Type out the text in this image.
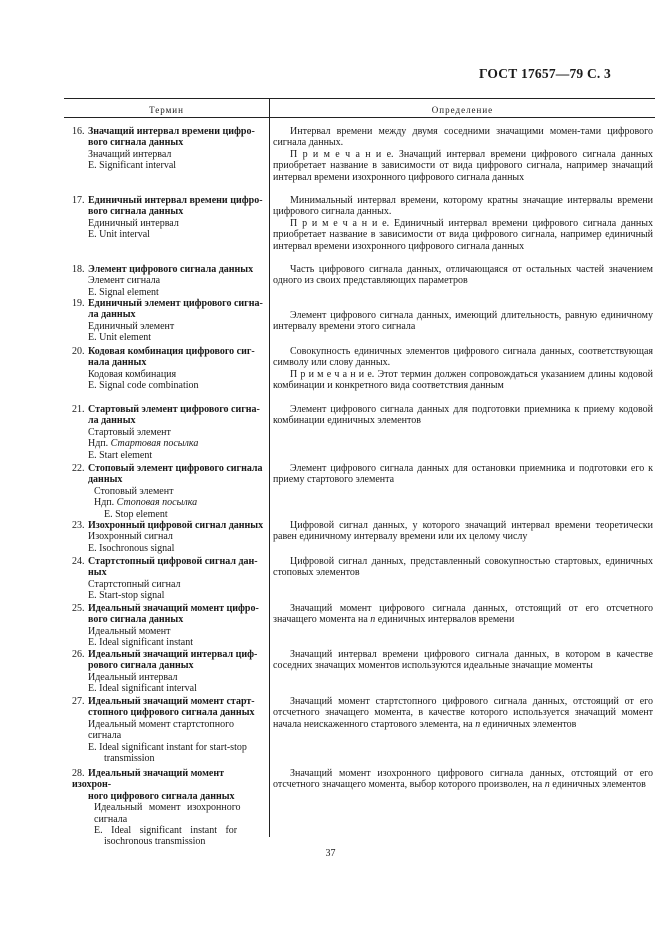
ГОСТ 17657—79 С. 3
Термин	Определение
16. Значащий интервал времени цифро-
вого сигнала данных
Значащий интервал
E. Significant interval

Интервал времени между двумя соседними значащими момен-тами цифрового сигнала данных.

П р и м е ч а н и е. Значащий интервал времени цифрового сигнала данных приобретает название в зависимости от вида цифрового сигнала, например значащий интервал времени изохронного цифрового сигнала данных

17. Единичный интервал времени цифро-
вого сигнала данных
Единичный интервал
E. Unit interval

Минимальный интервал времени, которому кратны значащие интервалы времени цифрового сигнала данных.

П р и м е ч а н и е. Единичный интервал времени цифрового сигнала данных приобретает название в зависимости от вида цифрового сигнала, например единичный интервал времени изохронного цифрового сигнала данных

18. Элемент цифрового сигнала данных
Элемент сигнала
E. Signal element

Часть цифрового сигнала данных, отличающаяся от остальных частей значением одного из своих представляющих параметров

19. Единичный элемент цифрового сигна-
ла данных
Единичный элемент
E. Unit element

Элемент цифрового сигнала данных, имеющий длительность, равную единичному интервалу времени этого сигнала

20. Кодовая комбинация цифрового сиг-
нала данных
Кодовая комбинация
E. Signal code combination

Совокупность единичных элементов цифрового сигнала данных, соответствующая символу или слову данных.

П р и м е ч а н и е. Этот термин должен сопровождаться указанием длины кодовой комбинации и конкретного вида соответствия данным

21. Стартовый элемент цифрового сигна-
ла данных
Стартовый элемент
Ндп. Стартовая посылка
E. Start element

Элемент цифрового сигнала данных для подготовки приемника к приему кодовой комбинации единичных элементов

22. Стоповый элемент цифрового сигнала
данных
Стоповый элемент
Ндп. Стоповая посылка
E. Stop element

Элемент цифрового сигнала данных для остановки приемника и подготовки его к приему стартового элемента

23. Изохронный цифровой сигнал данных
Изохронный сигнал
E. Isochronous signal

Цифровой сигнал данных, у которого значащий интервал времени теоретически равен единичному интервалу времени или их целому числу

24. Стартстопный цифровой сигнал дан-
ных
Стартстопный сигнал
E. Start-stop signal

Цифровой сигнал данных, представленный совокупностью стартовых, единичных стоповых элементов

25. Идеальный значащий момент цифро-
вого сигнала данных
Идеальный момент
E. Ideal significant instant

Значащий момент цифрового сигнала данных, отстоящий от его отсчетного значащего момента на n единичных интервалов времени

26. Идеальный значащий интервал циф-
рового сигнала данных
Идеальный интервал
E. Ideal significant interval

Значащий интервал времени цифрового сигнала данных, в котором в качестве соседних значащих моментов используются идеальные значащие моменты

27. Идеальный значащий момент старт-
стопного цифрового сигнала данных
Идеальный момент стартстопного
сигнала
E. Ideal significant instant for start-stop
transmission

Значащий момент стартстопного цифрового сигнала данных, отстоящий от его отсчетного значащего момента, в качестве которого используется значащий момент начала неискаженного стартового элемента, на n единичных элементов

28. Идеальный значащий момент изохрон-
ного цифрового сигнала данных
Идеальный момент изохронного
сигнала
E. Ideal significant instant for
isochronous transmission

Значащий момент изохронного цифрового сигнала данных, отстоящий от его отсчетного значащего момента, выбор которого произволен, на n единичных элементов

37
